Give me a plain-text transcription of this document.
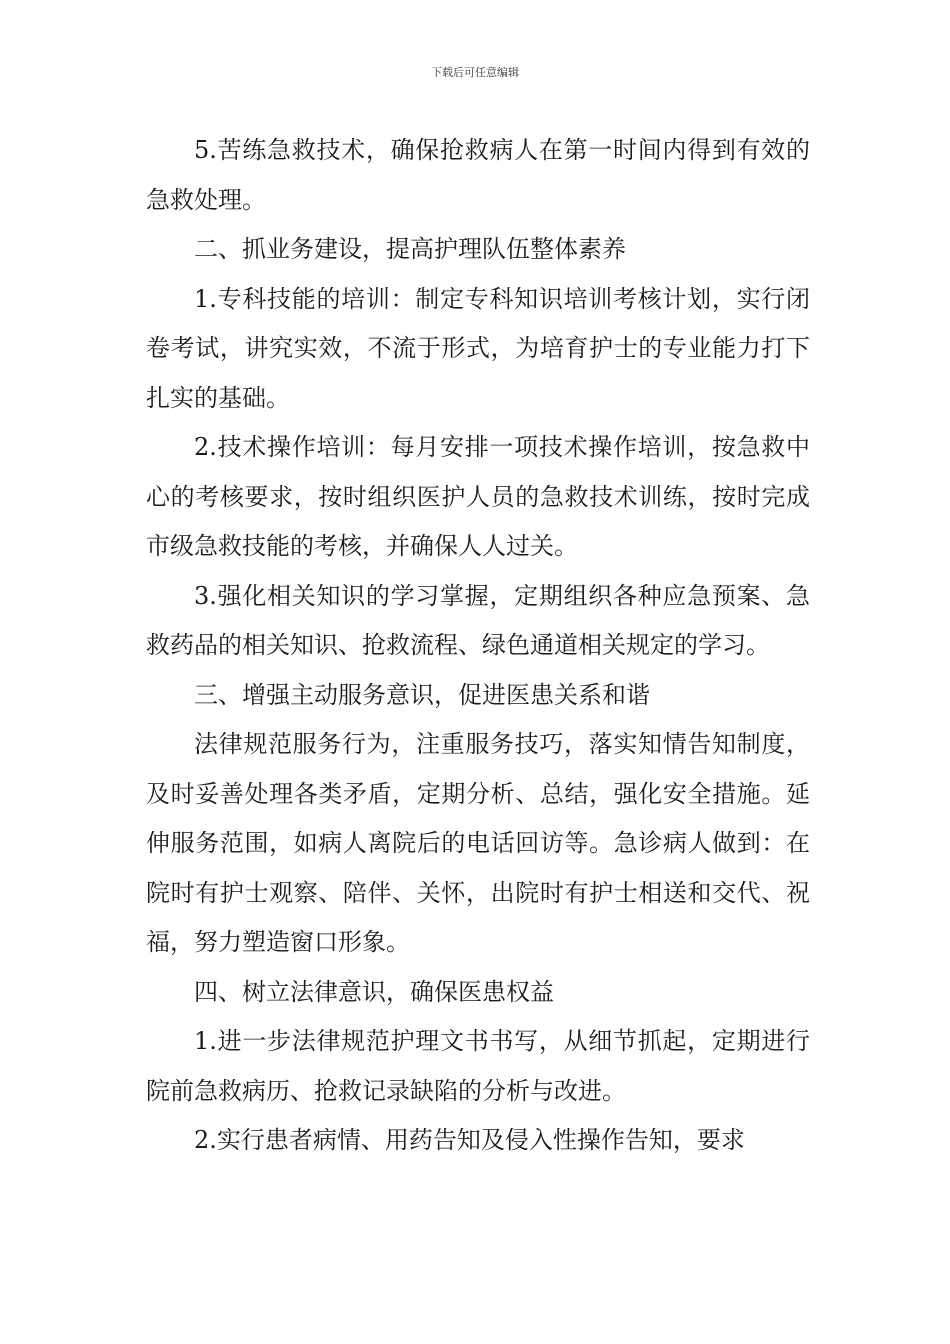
下载后可任意编辑

5.苦练急救技术，确保抢救病人在第一时间内得到有效的急救处理。

二、抓业务建设，提高护理队伍整体素养

1.专科技能的培训：制定专科知识培训考核计划，实行闭卷考试，讲究实效，不流于形式，为培育护士的专业能力打下扎实的基础。

2.技术操作培训：每月安排一项技术操作培训，按急救中心的考核要求，按时组织医护人员的急救技术训练，按时完成市级急救技能的考核，并确保人人过关。

3.强化相关知识的学习掌握，定期组织各种应急预案、急救药品的相关知识、抢救流程、绿色通道相关规定的学习。

三、增强主动服务意识，促进医患关系和谐

法律规范服务行为，注重服务技巧，落实知情告知制度，及时妥善处理各类矛盾，定期分析、总结，强化安全措施。延伸服务范围，如病人离院后的电话回访等。急诊病人做到：在院时有护士观察、陪伴、关怀，出院时有护士相送和交代、祝福，努力塑造窗口形象。

四、树立法律意识，确保医患权益

1.进一步法律规范护理文书书写，从细节抓起，定期进行院前急救病历、抢救记录缺陷的分析与改进。

2.实行患者病情、用药告知及侵入性操作告知，要求
